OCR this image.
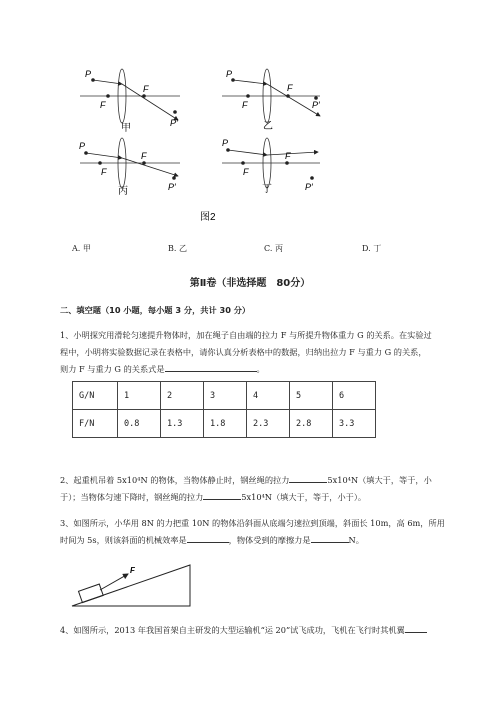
P
F
F
P′
甲
P
F
F
P′
乙
P
F
F
P′
丙
P
F
F
P′
丁
图2
A. 甲	B. 乙	C. 丙	D. 丁
第Ⅱ卷（非选择题　80分）
二、填空题（10 小题，每小题 3 分，共计 30 分）
1、小明探究用滑轮匀速提升物体时，加在绳子自由端的拉力 F 与所提升物体重力 G 的关系。在实验过
程中，小明将实验数据记录在表格中，请你认真分析表格中的数据，归纳出拉力 F 与重力 G 的关系，
则力 F 与重力 G 的关系式是	。
G/N	1	2	3	4	5	6
F/N	0.8	1.3	1.8	2.3	2.8	3.3
2、起重机吊着 5x10⁴N 的物体，当物体静止时，钢丝绳的拉力	5x10⁴N（填大于，等于，小
于）；当物体匀速下降时，钢丝绳的拉力	5x10⁴N（填大于，等于，小于）。
3、如图所示，小华用 8N 的力把重 10N 的物体沿斜面从底端匀速拉到顶端，斜面长 10m，高 6m，所用
时间为 5s，则该斜面的机械效率是	，物体受到的摩擦力是	N。
F
4、如图所示，2013 年我国首架自主研发的大型运输机“运 20”试飞成功，飞机在飞行时其机翼
